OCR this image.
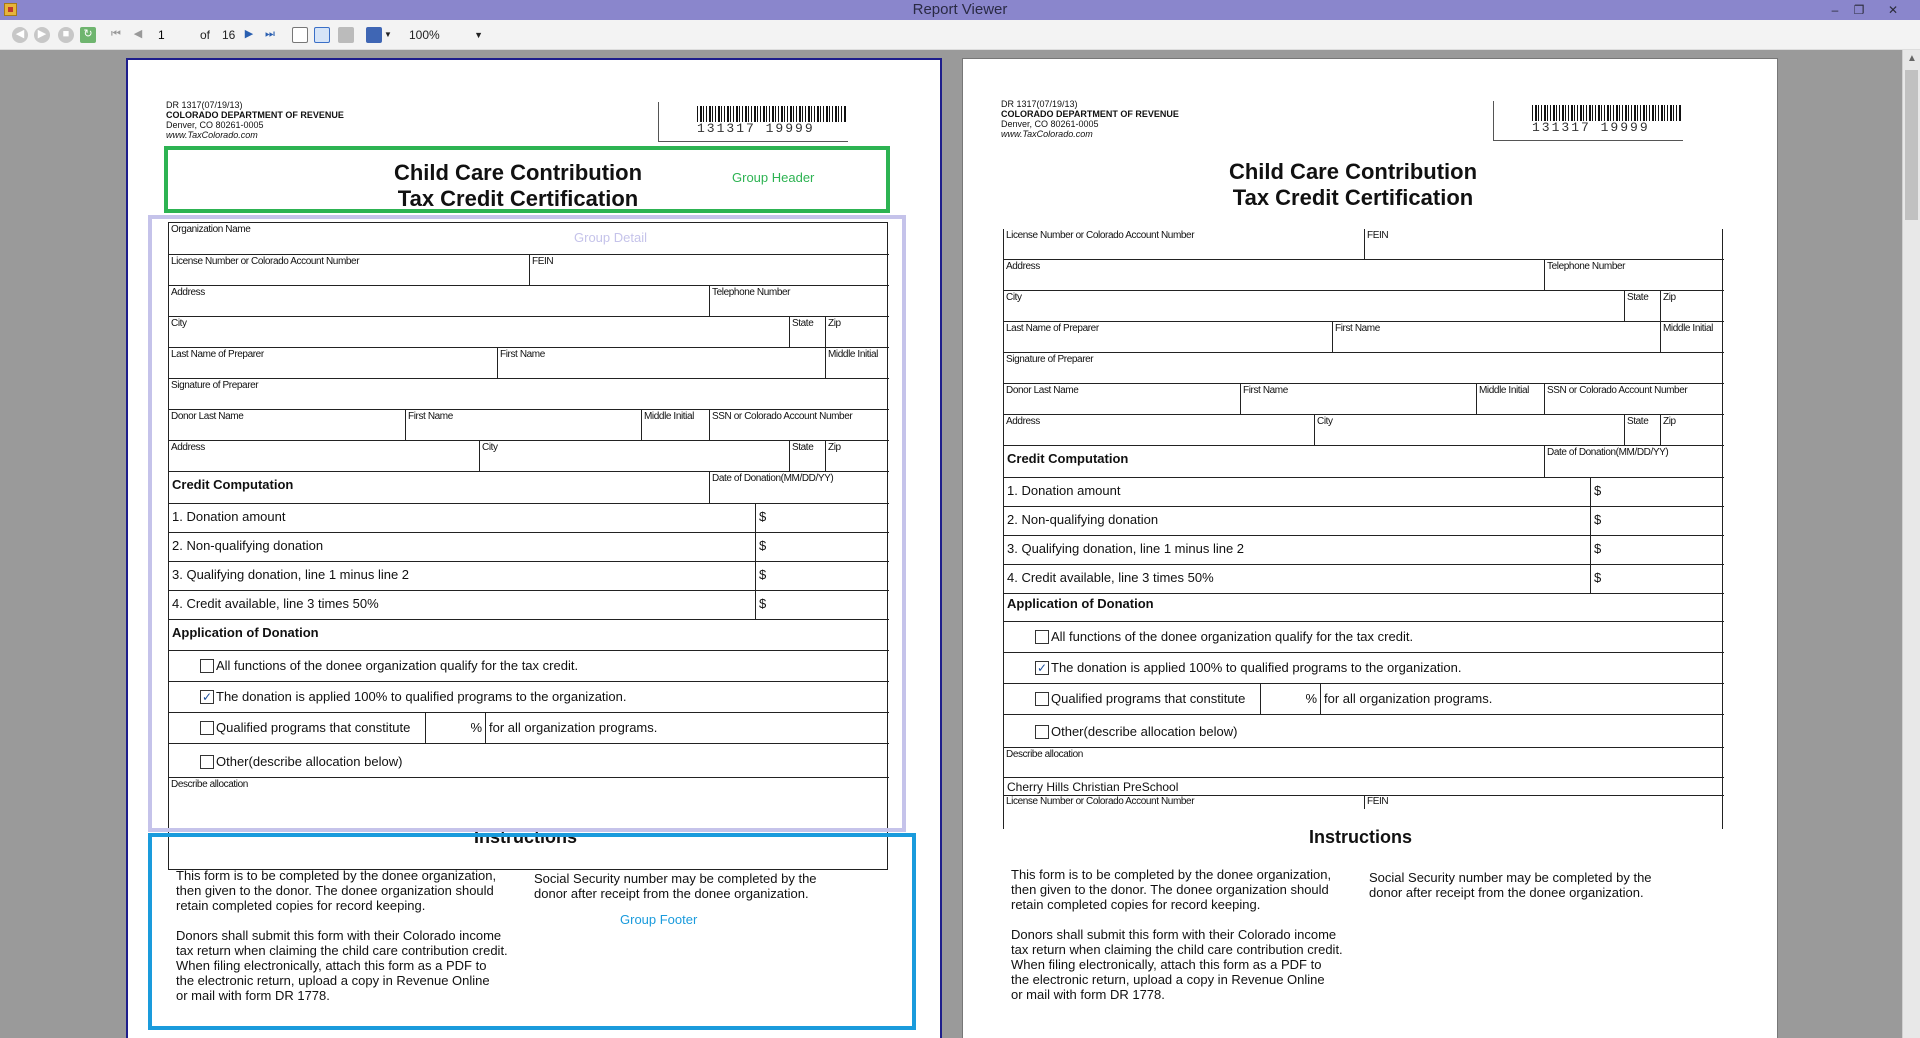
Report Viewer	–	❐	✕
◀	▶	■	↻	⏮	◀
1	of 16 ▶	⏭	▼	100%	▼
DR 1317(07/19/13)
COLORADO DEPARTMENT OF REVENUE
Denver, CO 80261-0005
www.TaxColorado.com	131317 19999
Child Care Contribution
Tax Credit Certification
Organization Name
License Number or Colorado Account Number	FEIN
Address	Telephone Number
City	State	Zip
Last Name of Preparer	First Name	Middle Initial
Signature of Preparer
Donor Last Name	First Name	Middle Initial	SSN or Colorado Account Number
Address	City	State	Zip
Credit Computation	Date of Donation(MM/DD/YY)
1. Donation amount	$
2. Non-qualifying donation	$
3. Qualifying donation, line 1 minus line 2	$
4. Credit available, line 3 times 50%	$
Application of Donation
All functions of the donee organization qualify for the tax credit.
✓ The donation is applied 100% to qualified programs to the organization.
Qualified programs that constitute	% for all organization programs.
Other(describe allocation below)
Describe allocation
Instructions
This form is to be completed by the donee organization,
then given to the donor. The donee organization should
retain completed copies for record keeping.
Donors shall submit this form with their Colorado income
tax return when claiming the child care contribution credit.
When filing electronically, attach this form as a PDF to
the electronic return, upload a copy in Revenue Online
or mail with form DR 1778.
Social Security number may be completed by the
donor after receipt from the donee organization.
Group Header
Group Detail
Group Footer
DR 1317(07/19/13)
COLORADO DEPARTMENT OF REVENUE
Denver, CO 80261-0005
www.TaxColorado.com	131317 19999
Child Care Contribution
Tax Credit Certification
License Number or Colorado Account Number	FEIN
Address	Telephone Number
City	State	Zip
Last Name of Preparer	First Name	Middle Initial
Signature of Preparer
Donor Last Name	First Name	Middle Initial	SSN or Colorado Account Number
Address	City	State	Zip
Credit Computation	Date of Donation(MM/DD/YY)
1. Donation amount	$
2. Non-qualifying donation	$
3. Qualifying donation, line 1 minus line 2	$
4. Credit available, line 3 times 50%	$
Application of Donation
All functions of the donee organization qualify for the tax credit.
✓ The donation is applied 100% to qualified programs to the organization.
Qualified programs that constitute	% for all organization programs.
Other(describe allocation below)
Describe allocation
Cherry Hills Christian PreSchool
License Number or Colorado Account Number	FEIN
Instructions
This form is to be completed by the donee organization,
then given to the donor. The donee organization should
retain completed copies for record keeping.
Donors shall submit this form with their Colorado income
tax return when claiming the child care contribution credit.
When filing electronically, attach this form as a PDF to
the electronic return, upload a copy in Revenue Online
or mail with form DR 1778.
Social Security number may be completed by the
donor after receipt from the donee organization.
▲
